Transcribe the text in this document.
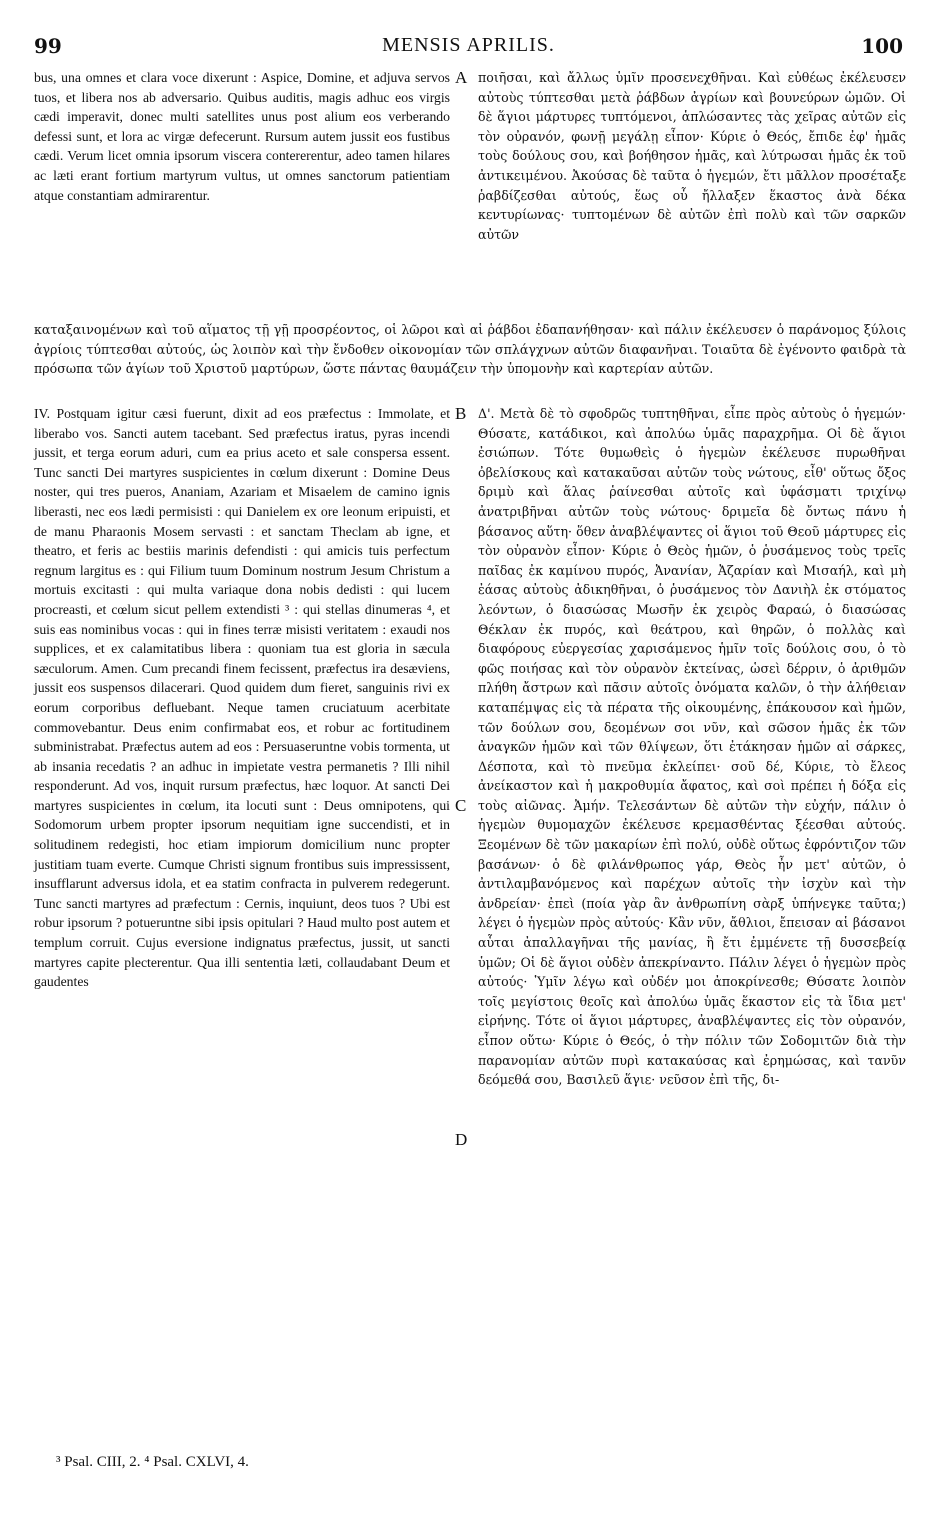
99	MENSIS APRILIS.	100

bus, una omnes et clara voce dixerunt : Aspice, Domine, et adjuva servos tuos, et libera nos ab adversario. Quibus auditis, magis adhuc eos virgis cædi imperavit, donec multi satellites unus post alium eos verberando defessi sunt, et lora ac virgæ defecerunt. Rursum autem jussit eos fustibus cædi. Verum licet omnia ipsorum viscera contererentur, adeo tamen hilares ac læti erant fortium martyrum vultus, ut omnes sanctorum patientiam atque constantiam admirarentur.

ποιῆσαι, καὶ ἄλλως ὑμῖν προσενεχθῆναι. Καὶ εὐθέως ἐκέλευσεν αὐτοὺς τύπτεσθαι μετὰ ῥάβδων ἀγρίων καὶ βουνεύρων ὠμῶν. Οἱ δὲ ἅγιοι μάρτυρες τυπτόμενοι, ἁπλώσαντες τὰς χεῖρας αὐτῶν εἰς τὸν οὐρανόν, φωνῇ μεγάλῃ εἶπον· Κύριε ὁ Θεός, ἔπιδε ἐφ' ἡμᾶς τοὺς δούλους σου, καὶ βοήθησον ἡμᾶς, καὶ λύτρωσαι ἡμᾶς ἐκ τοῦ ἀντικειμένου. Ἀκούσας δὲ ταῦτα ὁ ἡγεμών, ἔτι μᾶλλον προσέταξε ῥαβδίζεσθαι αὐτούς, ἕως οὗ ἤλλαξεν ἕκαστος ἀνὰ δέκα κεντυρίωνας· τυπτομένων δὲ αὐτῶν ἐπὶ πολὺ καὶ τῶν σαρκῶν αὐτῶν

καταξαινομένων καὶ τοῦ αἵματος τῇ γῇ προσρέοντος, οἱ λῶροι καὶ αἱ ῥάβδοι ἐδαπανήθησαν· καὶ πάλιν ἐκέλευσεν ὁ παράνομος ξύλοις ἀγρίοις τύπτεσθαι αὐτούς, ὡς λοιπὸν καὶ τὴν ἔνδοθεν οἰκονομίαν τῶν σπλάγχνων αὐτῶν διαφανῆναι. Τοιαῦτα δὲ ἐγένοντο φαιδρὰ τὰ πρόσωπα τῶν ἁγίων τοῦ Χριστοῦ μαρτύρων, ὥστε πάντας θαυμάζειν τὴν ὑπομονὴν καὶ καρτερίαν αὐτῶν.

IV. Postquam igitur cæsi fuerunt, dixit ad eos præfectus : Immolate, et liberabo vos. Sancti autem tacebant. Sed præfectus iratus, pyras incendi jussit, et terga eorum aduri, cum ea prius aceto et sale conspersa essent. Tunc sancti Dei martyres suspicientes in cœlum dixerunt : Domine Deus noster, qui tres pueros, Ananiam, Azariam et Misaelem de camino ignis liberasti, nec eos lædi permisisti : qui Danielem ex ore leonum eripuisti, et de manu Pharaonis Mosem servasti : et sanctam Theclam ab igne, et theatro, et feris ac bestiis marinis defendisti : qui amicis tuis perfectum regnum largitus es : qui Filium tuum Dominum nostrum Jesum Christum a mortuis excitasti : qui multa variaque dona nobis dedisti : qui lucem procreasti, et cœlum sicut pellem extendisti ³ : qui stellas dinumeras ⁴, et suis eas nominibus vocas : qui in fines terræ misisti veritatem : exaudi nos supplices, et ex calamitatibus libera : quoniam tua est gloria in sæcula sæculorum. Amen. Cum precandi finem fecissent, præfectus ira desæviens, jussit eos suspensos dilacerari. Quod quidem dum fieret, sanguinis rivi ex eorum corporibus defluebant. Neque tamen cruciatuum acerbitate commovebantur. Deus enim confirmabat eos, et robur ac fortitudinem subministrabat. Præfectus autem ad eos : Persuaseruntne vobis tormenta, ut ab insania recedatis ? an adhuc in impietate vestra permanetis ? Illi nihil responderunt. Ad vos, inquit rursum præfectus, hæc loquor. At sancti Dei martyres suspicientes in cœlum, ita locuti sunt : Deus omnipotens, qui Sodomorum urbem propter ipsorum nequitiam igne succendisti, et in solitudinem redegisti, hoc etiam impiorum domicilium nunc propter justitiam tuam everte. Cumque Christi signum frontibus suis impressissent, insufflarunt adversus idola, et ea statim confracta in pulverem redegerunt. Tunc sancti martyres ad præfectum : Cernis, inquiunt, deos tuos ? Ubi est robur ipsorum ? potueruntne sibi ipsis opitulari ? Haud multo post autem et templum corruit. Cujus eversione indignatus præfectus, jussit, ut sancti martyres capite plecterentur. Qua illi sententia læti, collaudabant Deum et gaudentes

Δ'. Μετὰ δὲ τὸ σφοδρῶς τυπτηθῆναι, εἶπε πρὸς αὐτοὺς ὁ ἡγεμών· Θύσατε, κατάδικοι, καὶ ἀπολύω ὑμᾶς παραχρῆμα. Οἱ δὲ ἅγιοι ἐσιώπων. Τότε θυμωθεὶς ὁ ἡγεμὼν ἐκέλευσε πυρωθῆναι ὀβελίσκους καὶ κατακαῦσαι αὐτῶν τοὺς νώτους, εἶθ' οὕτως ὄξος δριμὺ καὶ ἅλας ῥαίνεσθαι αὐτοῖς καὶ ὑφάσματι τριχίνῳ ἀνατριβῆναι αὐτῶν τοὺς νώτους· δριμεῖα δὲ ὄντως πάνυ ἡ βάσανος αὕτη· ὅθεν ἀναβλέψαντες οἱ ἅγιοι τοῦ Θεοῦ μάρτυρες εἰς τὸν οὐρανὸν εἶπον· Κύριε ὁ Θεὸς ἡμῶν, ὁ ῥυσάμενος τοὺς τρεῖς παῖδας ἐκ καμίνου πυρός, Ἀνανίαν, Ἀζαρίαν καὶ Μισαήλ, καὶ μὴ ἐάσας αὐτοὺς ἀδικηθῆναι, ὁ ῥυσάμενος τὸν Δανιὴλ ἐκ στόματος λεόντων, ὁ διασώσας Μωσῆν ἐκ χειρὸς Φαραώ, ὁ διασώσας Θέκλαν ἐκ πυρός, καὶ θεάτρου, καὶ θηρῶν, ὁ πολλὰς καὶ διαφόρους εὐεργεσίας χαρισάμενος ἡμῖν τοῖς δούλοις σου, ὁ τὸ φῶς ποιήσας καὶ τὸν οὐρανὸν ἐκτείνας, ὡσεὶ δέρριν, ὁ ἀριθμῶν πλήθη ἄστρων καὶ πᾶσιν αὐτοῖς ὀνόματα καλῶν, ὁ τὴν ἀλήθειαν καταπέμψας εἰς τὰ πέρατα τῆς οἰκουμένης, ἐπάκουσον καὶ ἡμῶν, τῶν δούλων σου, δεομένων σοι νῦν, καὶ σῶσον ἡμᾶς ἐκ τῶν ἀναγκῶν ἡμῶν καὶ τῶν θλίψεων, ὅτι ἐτάκησαν ἡμῶν αἱ σάρκες, Δέσποτα, καὶ τὸ πνεῦμα ἐκλείπει· σοῦ δέ, Κύριε, τὸ ἔλεος ἀνείκαστον καὶ ἡ μακροθυμία ἄφατος, καὶ σοὶ πρέπει ἡ δόξα εἰς τοὺς αἰῶνας. Ἀμήν. Τελεσάντων δὲ αὐτῶν τὴν εὐχήν, πάλιν ὁ ἡγεμὼν θυμομαχῶν ἐκέλευσε κρεμασθέντας ξέεσθαι αὐτούς. Ξεομένων δὲ τῶν μακαρίων ἐπὶ πολύ, οὐδὲ οὕτως ἐφρόντιζον τῶν βασάνων· ὁ δὲ φιλάνθρωπος γάρ, Θεὸς ἦν μετ' αὐτῶν, ὁ ἀντιλαμβανόμενος καὶ παρέχων αὐτοῖς τὴν ἰσχὺν καὶ τὴν ἀνδρείαν· ἐπεὶ (ποία γὰρ ἂν ἀνθρωπίνη σὰρξ ὑπήνεγκε ταῦτα;) λέγει ὁ ἡγεμὼν πρὸς αὐτούς· Κἂν νῦν, ἄθλιοι, ἔπεισαν αἱ βάσανοι αὗται ἀπαλλαγῆναι τῆς μανίας, ἢ ἔτι ἐμμένετε τῇ δυσσεβείᾳ ὑμῶν; Οἱ δὲ ἅγιοι οὐδὲν ἀπεκρίναντο. Πάλιν λέγει ὁ ἡγεμὼν πρὸς αὐτούς· Ὑμῖν λέγω καὶ οὐδέν μοι ἀποκρίνεσθε; Θύσατε λοιπὸν τοῖς μεγίστοις θεοῖς καὶ ἀπολύω ὑμᾶς ἕκαστον εἰς τὰ ἴδια μετ' εἰρήνης. Τότε οἱ ἅγιοι μάρτυρες, ἀναβλέψαντες εἰς τὸν οὐρανόν, εἶπον οὕτω· Κύριε ὁ Θεός, ὁ τὴν πόλιν τῶν Σοδομιτῶν διὰ τὴν παρανομίαν αὐτῶν πυρὶ κατακαύσας καὶ ἐρημώσας, καὶ τανῦν δεόμεθά σου, Βασιλεῦ ἅγιε· νεῦσον ἐπὶ τῆς, δι-

A
B
C
D
³ Psal. CIII, 2. ⁴ Psal. CXLVI, 4.
